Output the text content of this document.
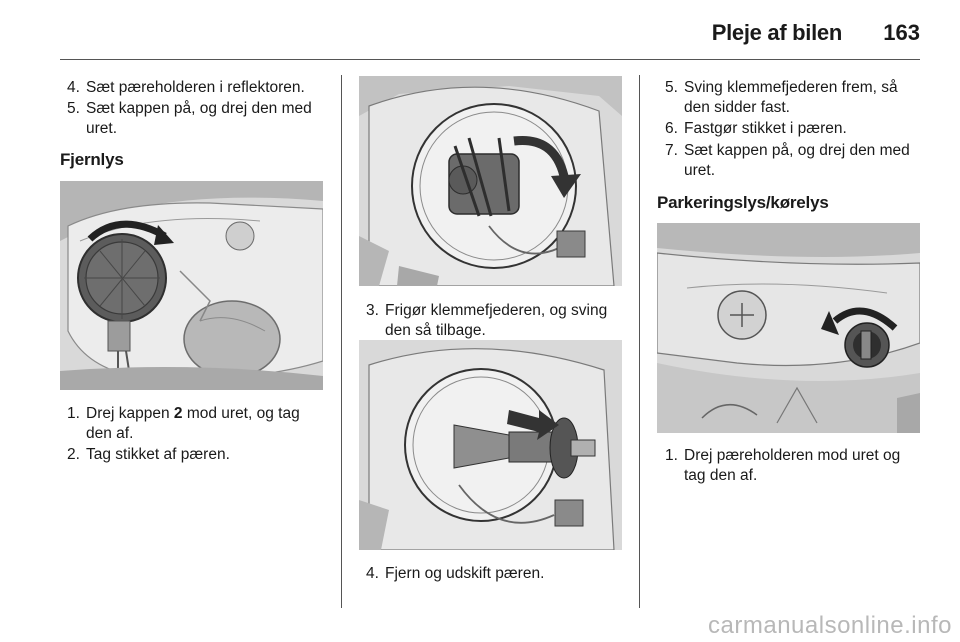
Pleje af bilen 163
4. Sæt pæreholderen i reflektoren.
5. Sæt kappen på, og drej den med
uret.
Fjernlys
1. Drej kappen 2 mod uret, og tag
den af.
2. Tag stikket af pæren.
3. Frigør klemmefjederen, og sving
den så tilbage.
4. Fjern og udskift pæren.
5. Sving klemmefjederen frem, så
den sidder fast.
6. Fastgør stikket i pæren.
7. Sæt kappen på, og drej den med
uret.
Parkeringslys/kørelys
1. Drej pæreholderen mod uret og
tag den af.
carmanualsonline.info
